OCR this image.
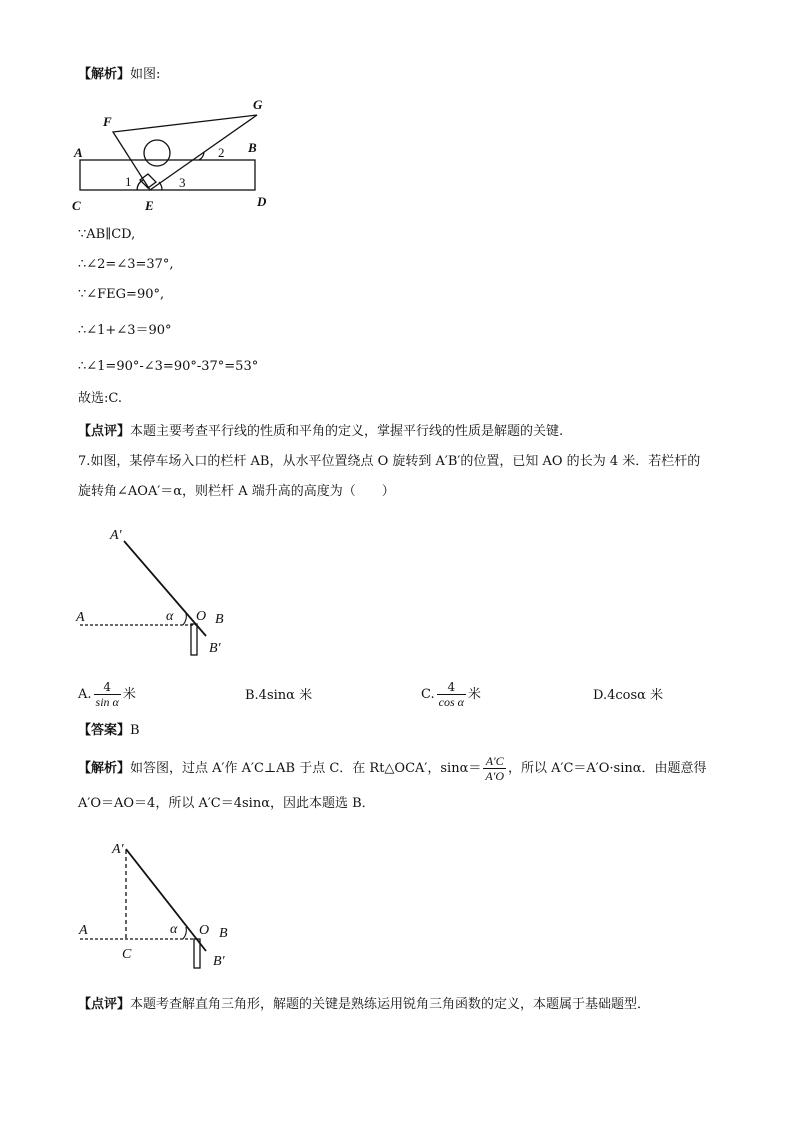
【解析】如图:
F
G
A	B
C	E	D
1
2
3
∵AB∥CD,
∴∠2=∠3=37°,
∵∠FEG=90°,
∴∠1+∠3＝90°
∴∠1=90°-∠3=90°-37°=53°
故选:C.
【点评】本题主要考查平行线的性质和平角的定义，掌握平行线的性质是解题的关键.
7.如图，某停车场入口的栏杆 AB，从水平位置绕点 O 旋转到 A′B′的位置，已知 AO 的长为 4 米．若栏杆的
旋转角∠AOA′＝α，则栏杆 A 端升高的高度为（　　）
A′
A	α O B
B′
A. $\frac{4}{\text{sin α}}$ 米	B.4sinα 米	C. $\frac{4}{\text{cos α}}$ 米	D.4cosα 米
【答案】B
【解析】如答图，过点 A′作 A′C⊥AB 于点 C．在 Rt△OCA′，$\sin\alpha= \frac{A'C}{A'O}$ ，所以 A′C＝A′O·sinα．由题意得
A′O＝AO＝4，所以 A′C＝4sinα，因此本题选 B．
A′
A
C
α O B
B′
【点评】本题考查解直角三角形，解题的关键是熟练运用锐角三角函数的定义，本题属于基础题型．
